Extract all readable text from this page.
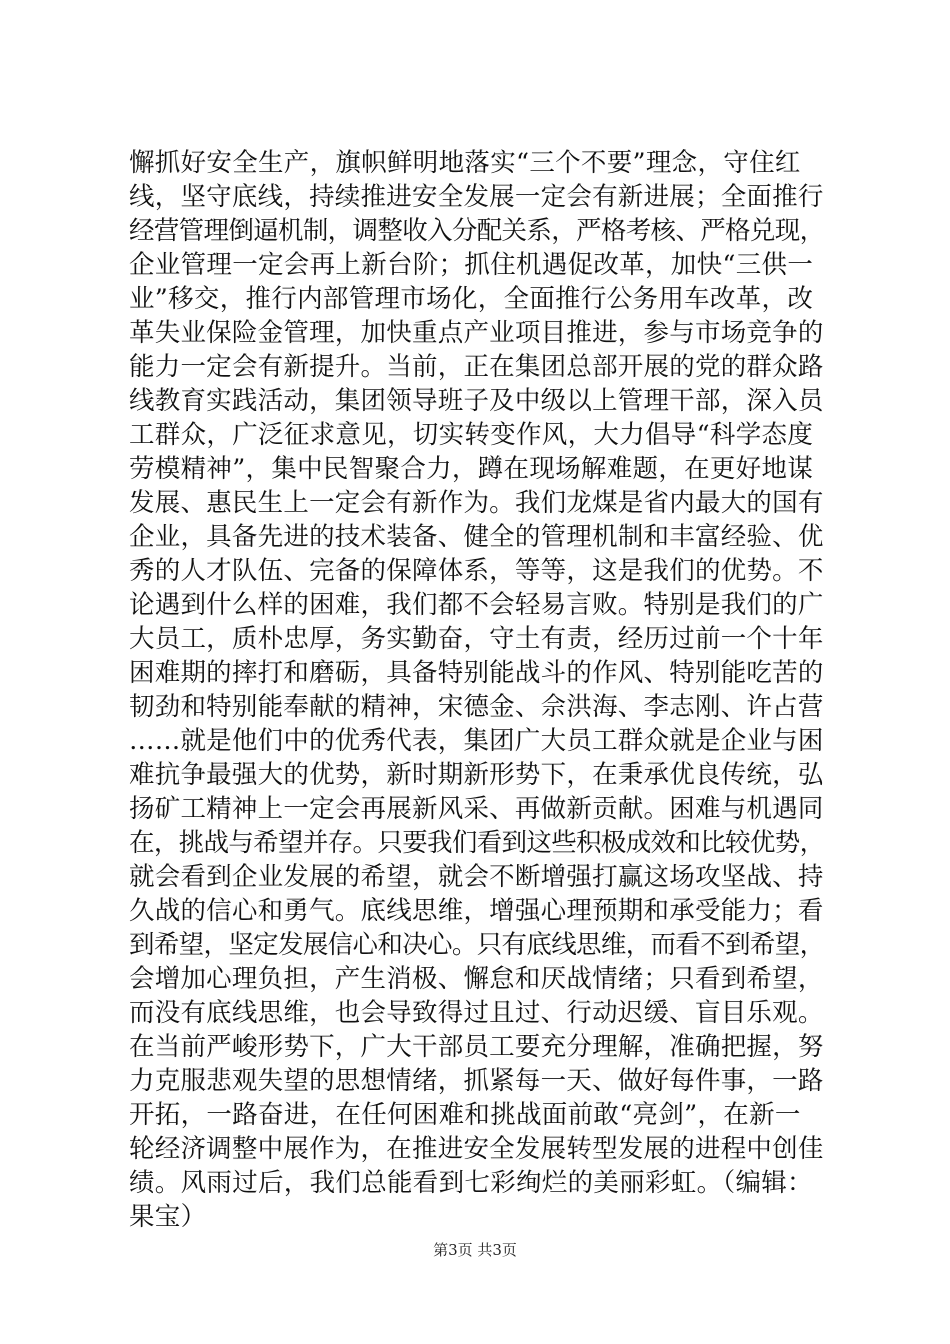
懈抓好安全生产，旗帜鲜明地落实“三个不要”理念，守住红
线，坚守底线，持续推进安全发展一定会有新进展；全面推行
经营管理倒逼机制，调整收入分配关系，严格考核、严格兑现，
企业管理一定会再上新台阶；抓住机遇促改革，加快“三供一
业”移交，推行内部管理市场化，全面推行公务用车改革，改
革失业保险金管理，加快重点产业项目推进，参与市场竞争的
能力一定会有新提升。当前，正在集团总部开展的党的群众路
线教育实践活动，集团领导班子及中级以上管理干部，深入员
工群众，广泛征求意见，切实转变作风，大力倡导“科学态度
劳模精神”，集中民智聚合力，蹲在现场解难题，在更好地谋
发展、惠民生上一定会有新作为。我们龙煤是省内最大的国有
企业，具备先进的技术装备、健全的管理机制和丰富经验、优
秀的人才队伍、完备的保障体系，等等，这是我们的优势。不
论遇到什么样的困难，我们都不会轻易言败。特别是我们的广
大员工，质朴忠厚，务实勤奋，守土有责，经历过前一个十年
困难期的摔打和磨砺，具备特别能战斗的作风、特别能吃苦的
韧劲和特别能奉献的精神，宋德金、佘洪海、李志刚、许占营
……就是他们中的优秀代表，集团广大员工群众就是企业与困
难抗争最强大的优势，新时期新形势下，在秉承优良传统，弘
扬矿工精神上一定会再展新风采、再做新贡献。困难与机遇同
在，挑战与希望并存。只要我们看到这些积极成效和比较优势，
就会看到企业发展的希望，就会不断增强打赢这场攻坚战、持
久战的信心和勇气。底线思维，增强心理预期和承受能力；看
到希望，坚定发展信心和决心。只有底线思维，而看不到希望，
会增加心理负担，产生消极、懈怠和厌战情绪；只看到希望，
而没有底线思维，也会导致得过且过、行动迟缓、盲目乐观。
在当前严峻形势下，广大干部员工要充分理解，准确把握，努
力克服悲观失望的思想情绪，抓紧每一天、做好每件事，一路
开拓，一路奋进，在任何困难和挑战面前敢“亮剑”，在新一
轮经济调整中展作为，在推进安全发展转型发展的进程中创佳
绩。风雨过后，我们总能看到七彩绚烂的美丽彩虹。（编辑：
果宝）
第3页 共3页
